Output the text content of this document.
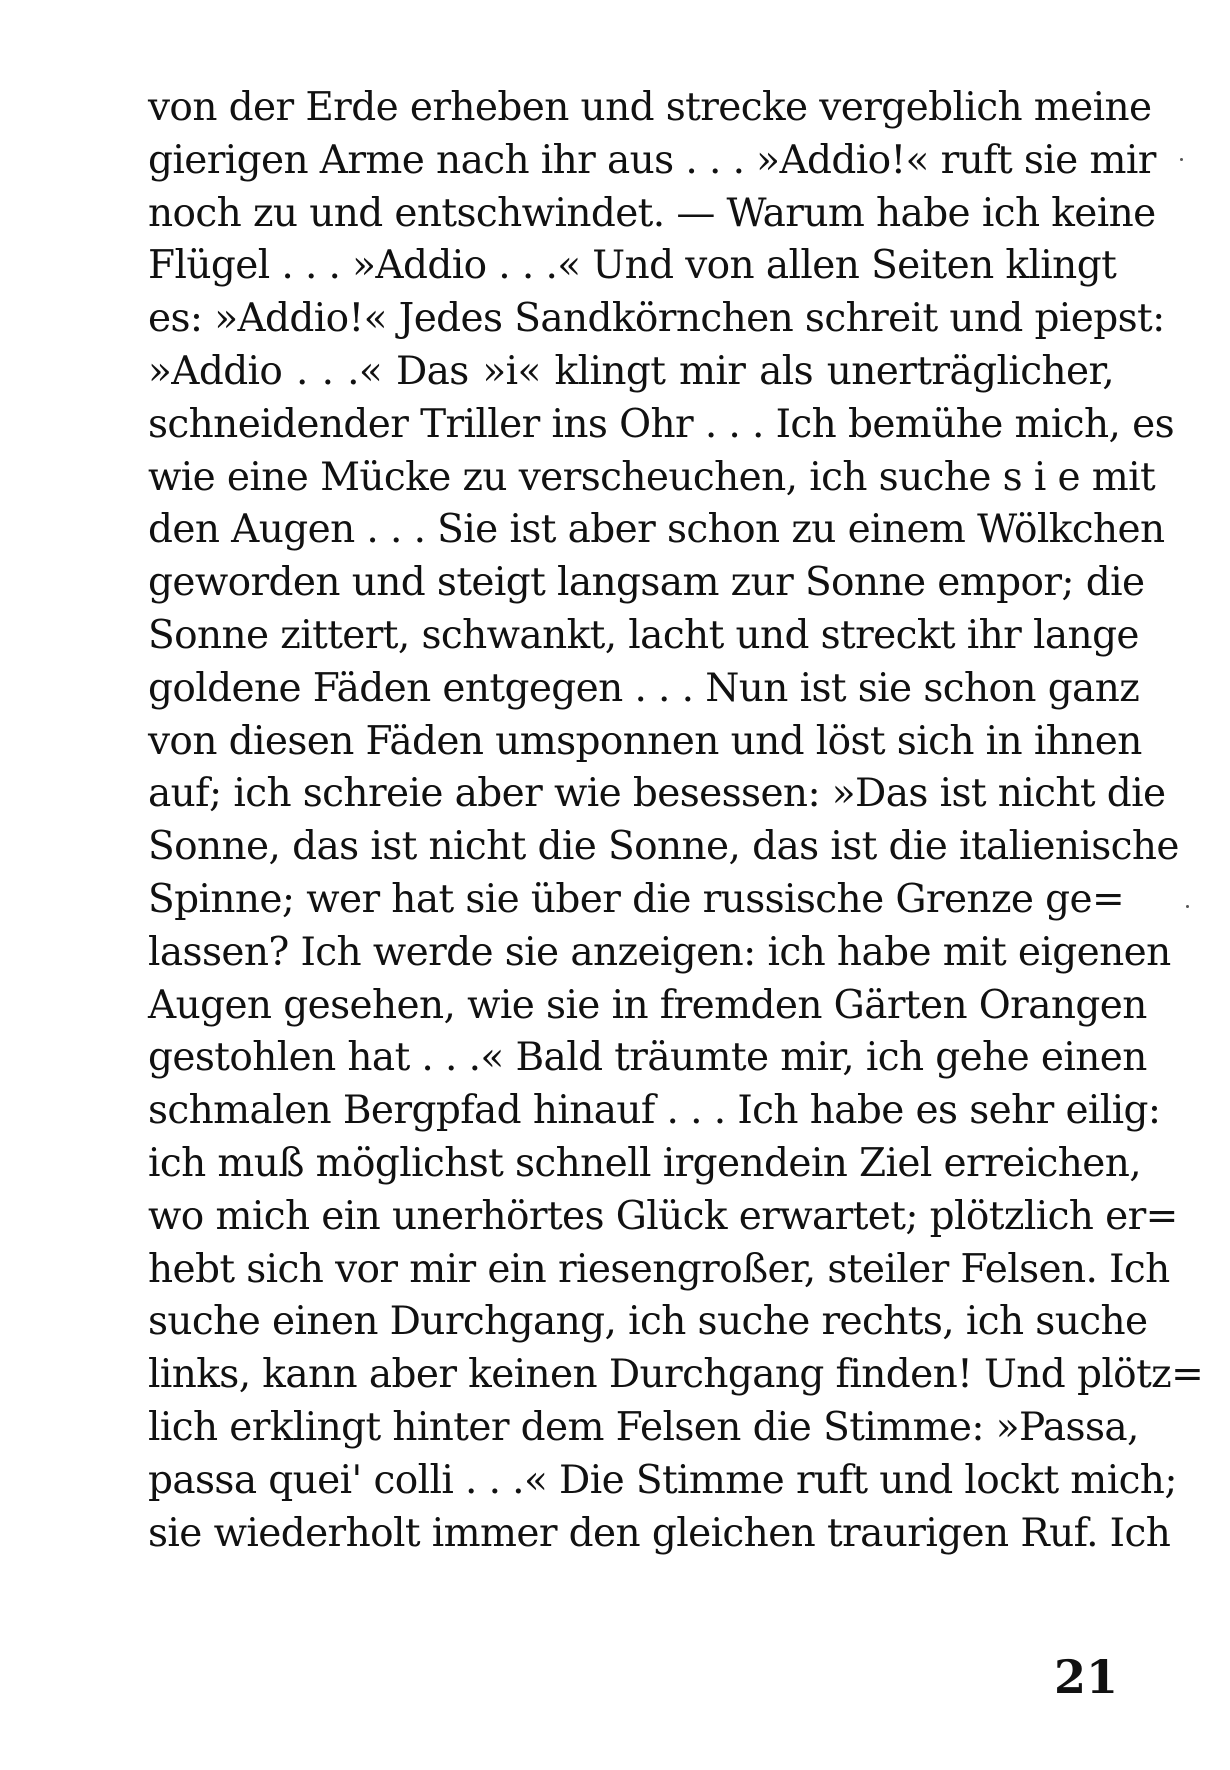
von der Erde erheben und strecke vergeblich meine
gierigen Arme nach ihr aus . . . »Addio!« ruft sie mir
noch zu und entschwindet. — Warum habe ich keine
Flügel . . . »Addio . . .« Und von allen Seiten klingt
es: »Addio!« Jedes Sandkörnchen schreit und piepst:
»Addio . . .« Das »i« klingt mir als unerträglicher,
schneidender Triller ins Ohr . . . Ich bemühe mich, es
wie eine Mücke zu verscheuchen, ich suche s i e mit
den Augen . . . Sie ist aber schon zu einem Wölkchen
geworden und steigt langsam zur Sonne empor; die
Sonne zittert, schwankt, lacht und streckt ihr lange
goldene Fäden entgegen . . . Nun ist sie schon ganz
von diesen Fäden umsponnen und löst sich in ihnen
auf; ich schreie aber wie besessen: »Das ist nicht die
Sonne, das ist nicht die Sonne, das ist die italienische
Spinne; wer hat sie über die russische Grenze ge=
lassen? Ich werde sie anzeigen: ich habe mit eigenen
Augen gesehen, wie sie in fremden Gärten Orangen
gestohlen hat . . .« Bald träumte mir, ich gehe einen
schmalen Bergpfad hinauf . . . Ich habe es sehr eilig:
ich muß möglichst schnell irgendein Ziel erreichen,
wo mich ein unerhörtes Glück erwartet; plötzlich er=
hebt sich vor mir ein riesengroßer, steiler Felsen. Ich
suche einen Durchgang, ich suche rechts, ich suche
links, kann aber keinen Durchgang finden! Und plötz=
lich erklingt hinter dem Felsen die Stimme: »Passa,
passa quei' colli . . .« Die Stimme ruft und lockt mich;
sie wiederholt immer den gleichen traurigen Ruf. Ich
21
